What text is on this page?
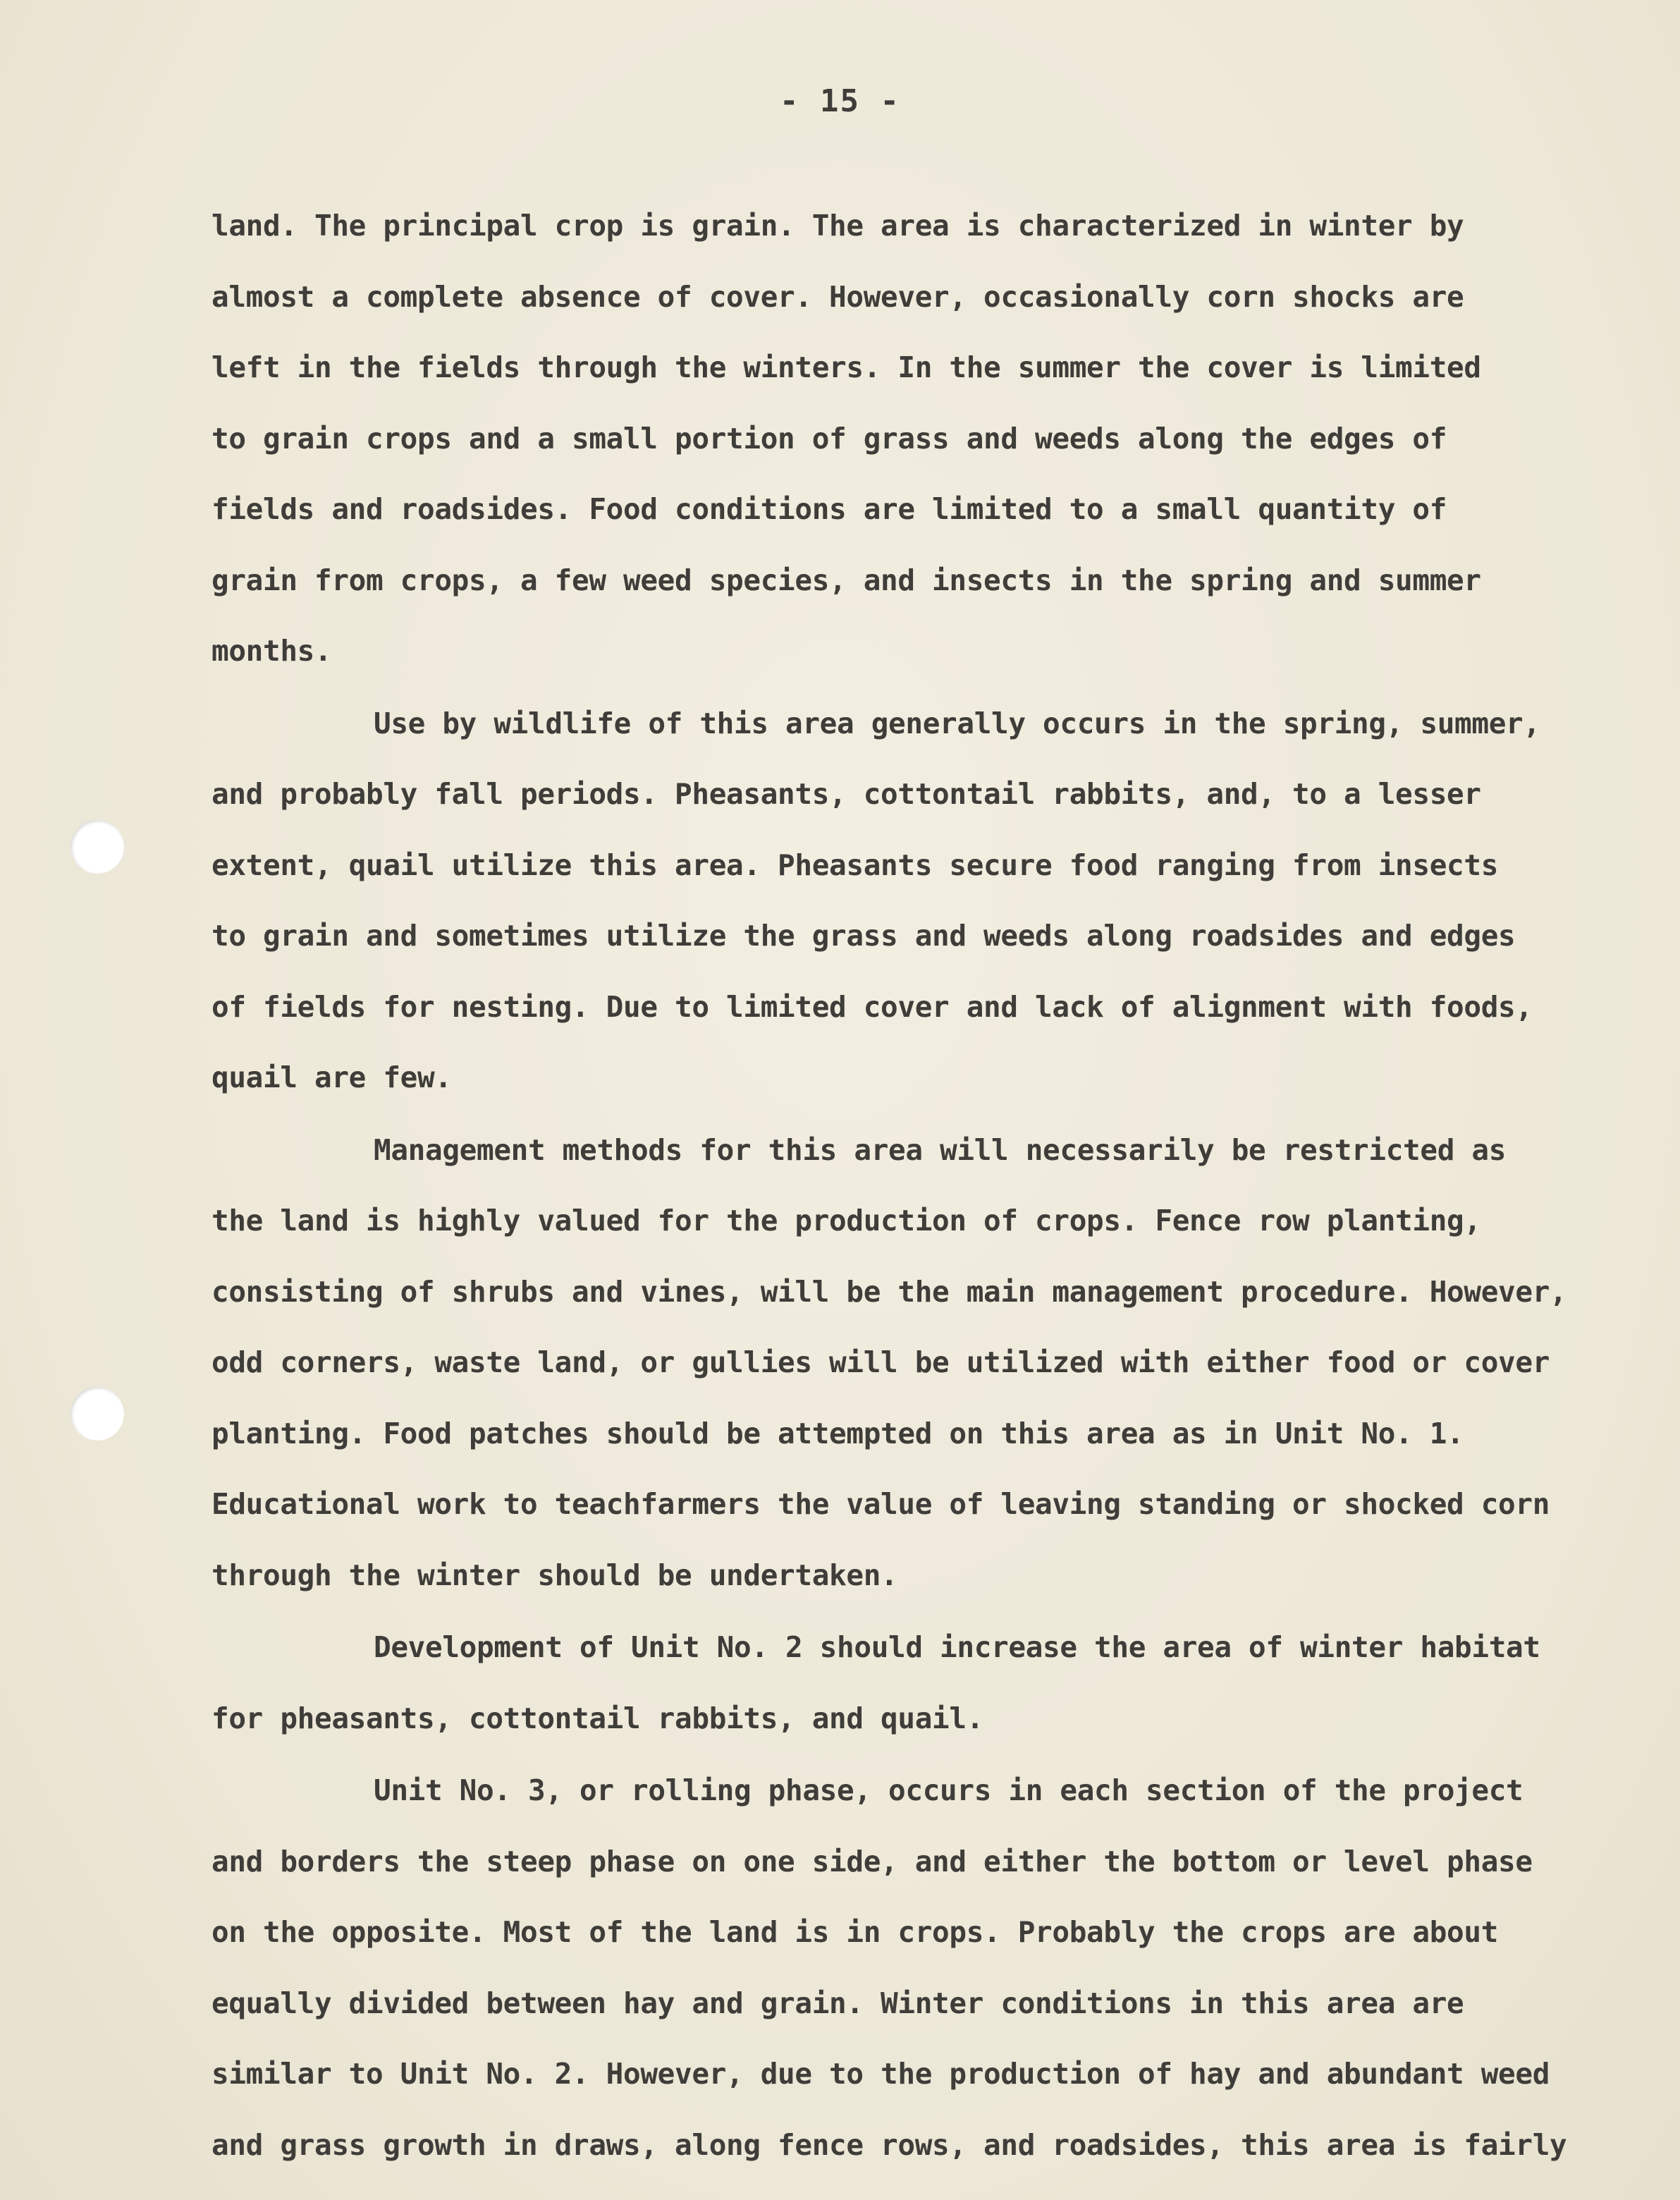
- 15 -

land. The principal crop is grain. The area is characterized in winter by
almost a complete absence of cover. However, occasionally corn shocks are
left in the fields through the winters. In the summer the cover is limited
to grain crops and a small portion of grass and weeds along the edges of
fields and roadsides. Food conditions are limited to a small quantity of
grain from crops, a few weed species, and insects in the spring and summer
months.

Use by wildlife of this area generally occurs in the spring, summer,
and probably fall periods. Pheasants, cottontail rabbits, and, to a lesser
extent, quail utilize this area. Pheasants secure food ranging from insects
to grain and sometimes utilize the grass and weeds along roadsides and edges
of fields for nesting. Due to limited cover and lack of alignment with foods,
quail are few.

Management methods for this area will necessarily be restricted as
the land is highly valued for the production of crops. Fence row planting,
consisting of shrubs and vines, will be the main management procedure. However,
odd corners, waste land, or gullies will be utilized with either food or cover
planting. Food patches should be attempted on this area as in Unit No. 1.
Educational work to teachfarmers the value of leaving standing or shocked corn
through the winter should be undertaken.

Development of Unit No. 2 should increase the area of winter habitat
for pheasants, cottontail rabbits, and quail.

Unit No. 3, or rolling phase, occurs in each section of the project
and borders the steep phase on one side, and either the bottom or level phase
on the opposite. Most of the land is in crops. Probably the crops are about
equally divided between hay and grain. Winter conditions in this area are
similar to Unit No. 2. However, due to the production of hay and abundant weed
and grass growth in draws, along fence rows, and roadsides, this area is fairly
